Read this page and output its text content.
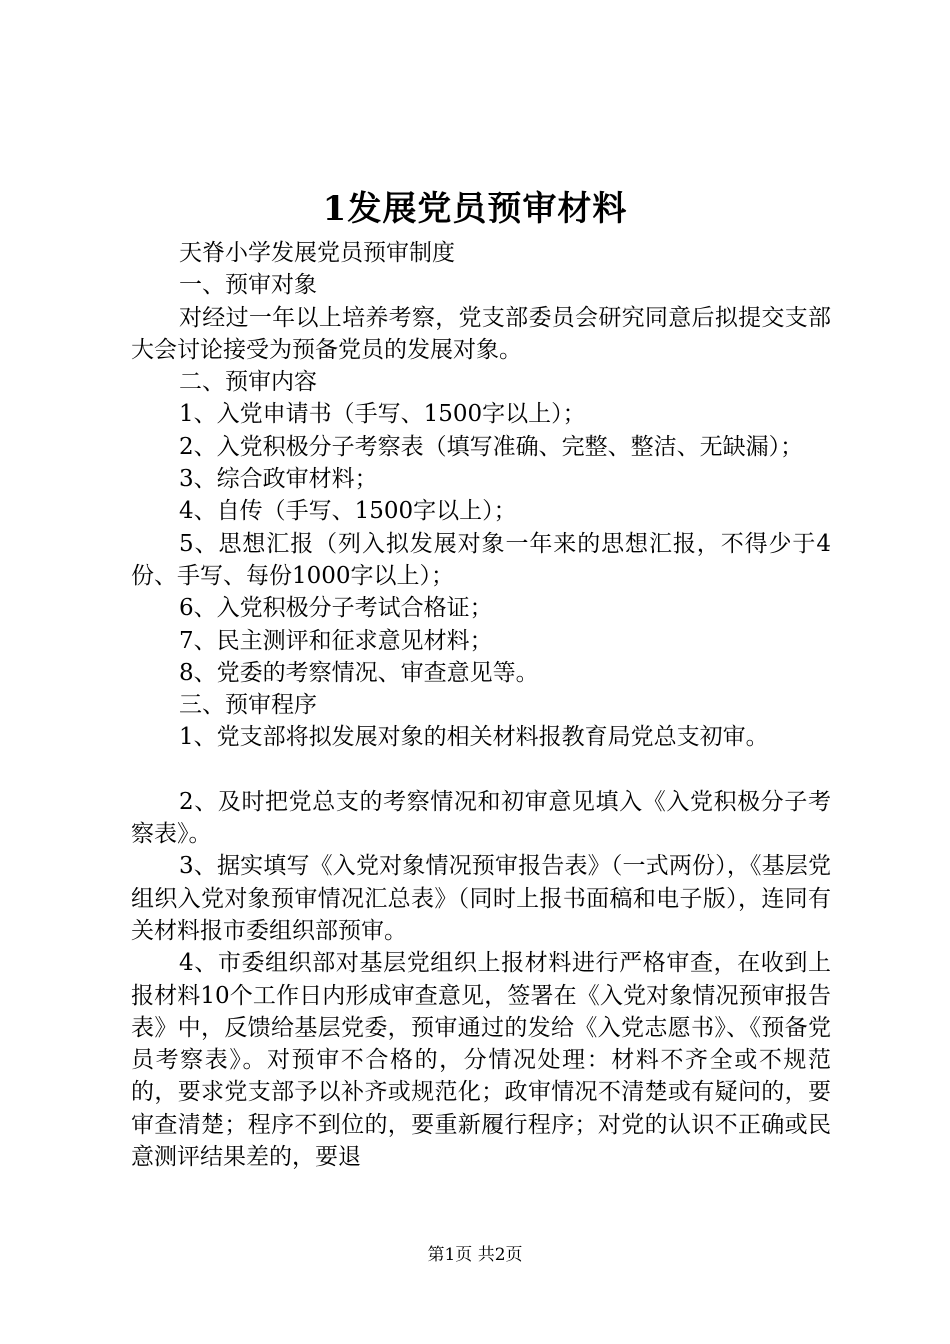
1发展党员预审材料

天脊小学发展党员预审制度

一、预审对象

对经过一年以上培养考察，党支部委员会研究同意后拟提交支部大会讨论接受为预备党员的发展对象。

二、预审内容

1、入党申请书（手写、1500字以上）；

2、入党积极分子考察表（填写准确、完整、整洁、无缺漏）；

3、综合政审材料；

4、自传（手写、1500字以上）；

5、思想汇报（列入拟发展对象一年来的思想汇报，不得少于4份、手写、每份1000字以上）；

6、入党积极分子考试合格证；

7、民主测评和征求意见材料；

8、党委的考察情况、审查意见等。

三、预审程序

1、党支部将拟发展对象的相关材料报教育局党总支初审。

2、及时把党总支的考察情况和初审意见填入《入党积极分子考察表》。

3、据实填写《入党对象情况预审报告表》（一式两份），《基层党组织入党对象预审情况汇总表》（同时上报书面稿和电子版），连同有关材料报市委组织部预审。

4、市委组织部对基层党组织上报材料进行严格审查，在收到上报材料10个工作日内形成审查意见，签署在《入党对象情况预审报告表》中，反馈给基层党委，预审通过的发给《入党志愿书》、《预备党员考察表》。对预审不合格的，分情况处理：材料不齐全或不规范的，要求党支部予以补齐或规范化；政审情况不清楚或有疑问的，要审查清楚；程序不到位的，要重新履行程序；对党的认识不正确或民意测评结果差的，要退

第1页 共2页
